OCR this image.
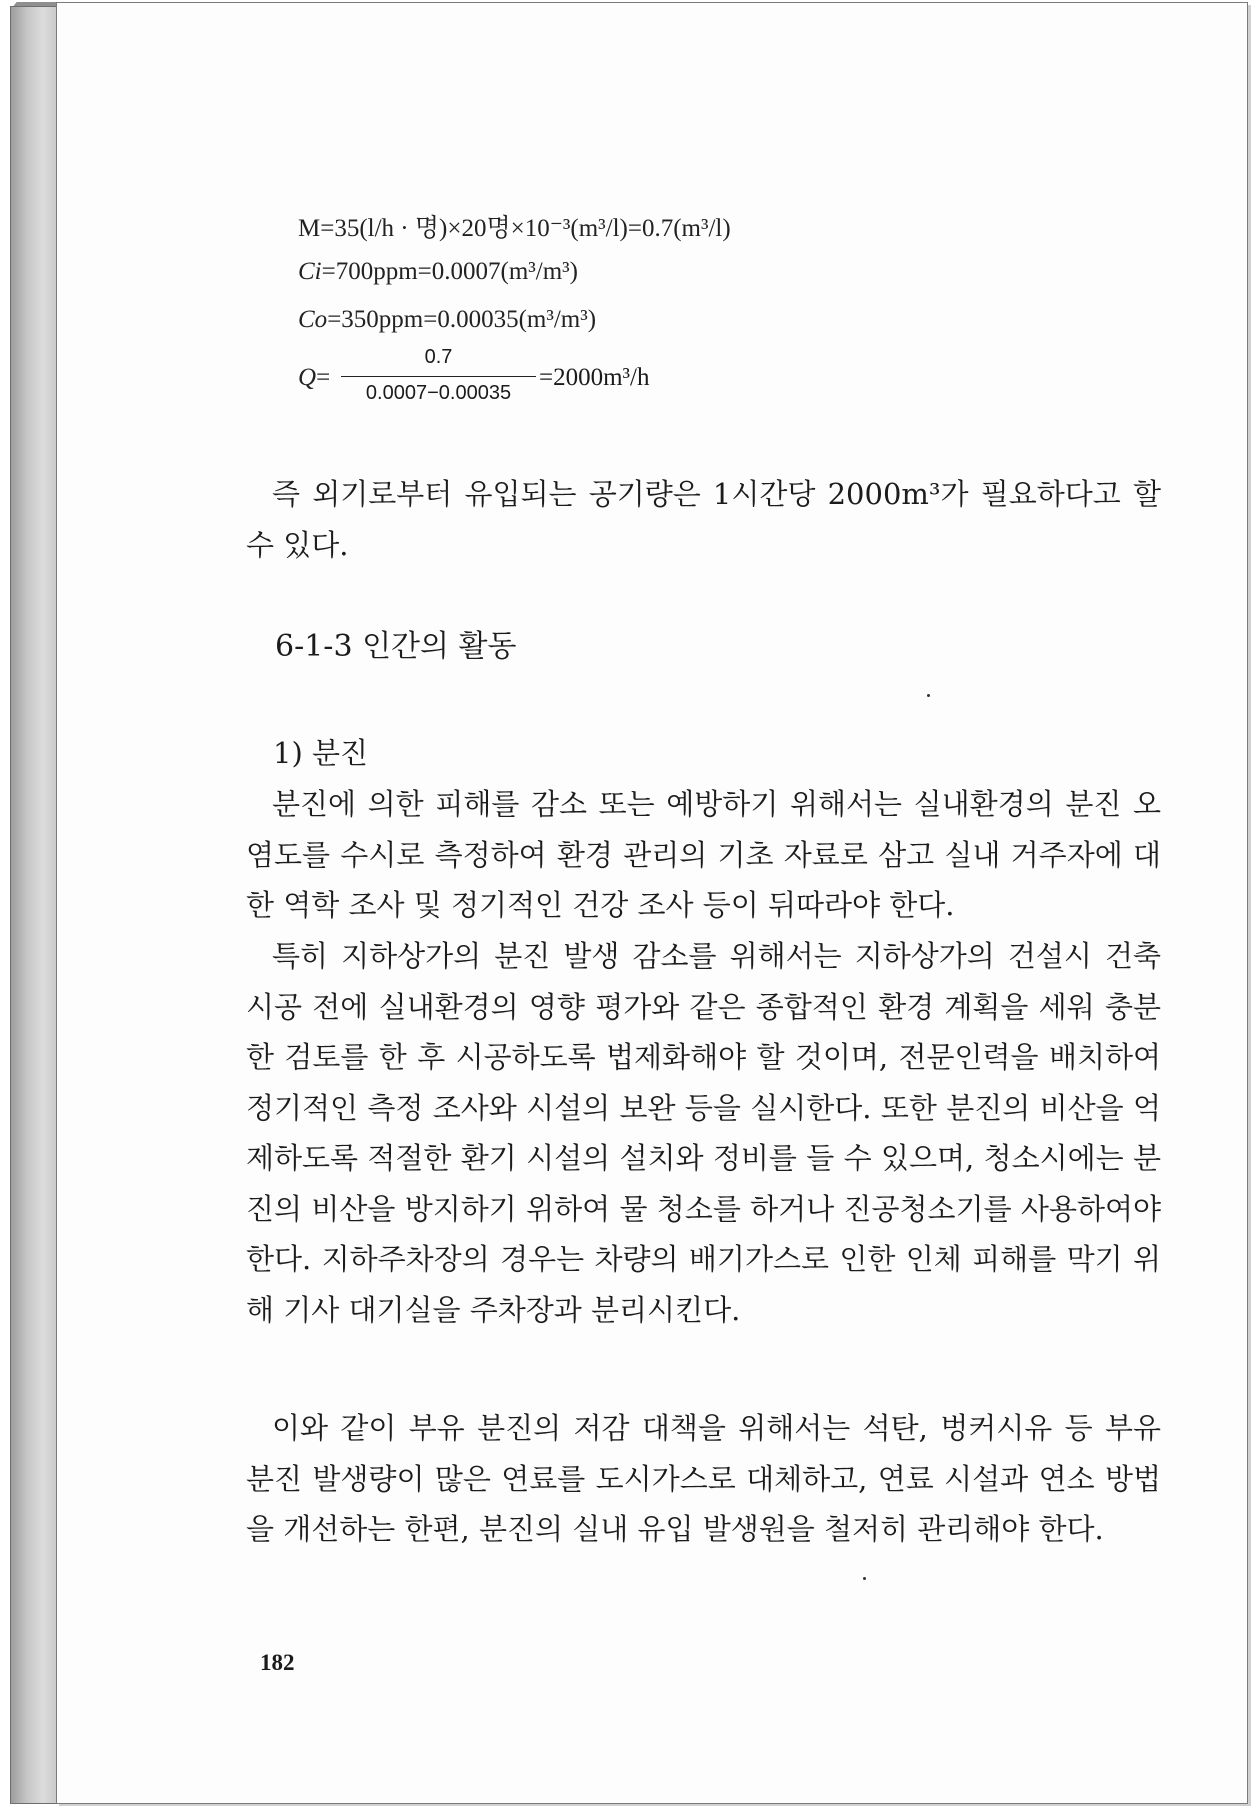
M=35(l/h · 명)×20명×10⁻³(m³/l)=0.7(m³/l)
Ci=700ppm=0.0007(m³/m³)
Co=350ppm=0.00035(m³/m³)
Q=
0.7
0.0007−0.00035
=2000m³/h
즉 외기로부터 유입되는 공기량은 1시간당 2000m³가 필요하다고 할 수 있다.
6-1-3 인간의 활동
1) 분진
분진에 의한 피해를 감소 또는 예방하기 위해서는 실내환경의 분진 오염도를 수시로 측정하여 환경 관리의 기초 자료로 삼고 실내 거주자에 대한 역학 조사 및 정기적인 건강 조사 등이 뒤따라야 한다.
특히 지하상가의 분진 발생 감소를 위해서는 지하상가의 건설시 건축 시공 전에 실내환경의 영향 평가와 같은 종합적인 환경 계획을 세워 충분한 검토를 한 후 시공하도록 법제화해야 할 것이며, 전문인력을 배치하여 정기적인 측정 조사와 시설의 보완 등을 실시한다. 또한 분진의 비산을 억제하도록 적절한 환기 시설의 설치와 정비를 들 수 있으며, 청소시에는 분진의 비산을 방지하기 위하여 물 청소를 하거나 진공청소기를 사용하여야 한다. 지하주차장의 경우는 차량의 배기가스로 인한 인체 피해를 막기 위해 기사 대기실을 주차장과 분리시킨다.
이와 같이 부유 분진의 저감 대책을 위해서는 석탄, 벙커시유 등 부유 분진 발생량이 많은 연료를 도시가스로 대체하고, 연료 시설과 연소 방법을 개선하는 한편, 분진의 실내 유입 발생원을 철저히 관리해야 한다.
182
